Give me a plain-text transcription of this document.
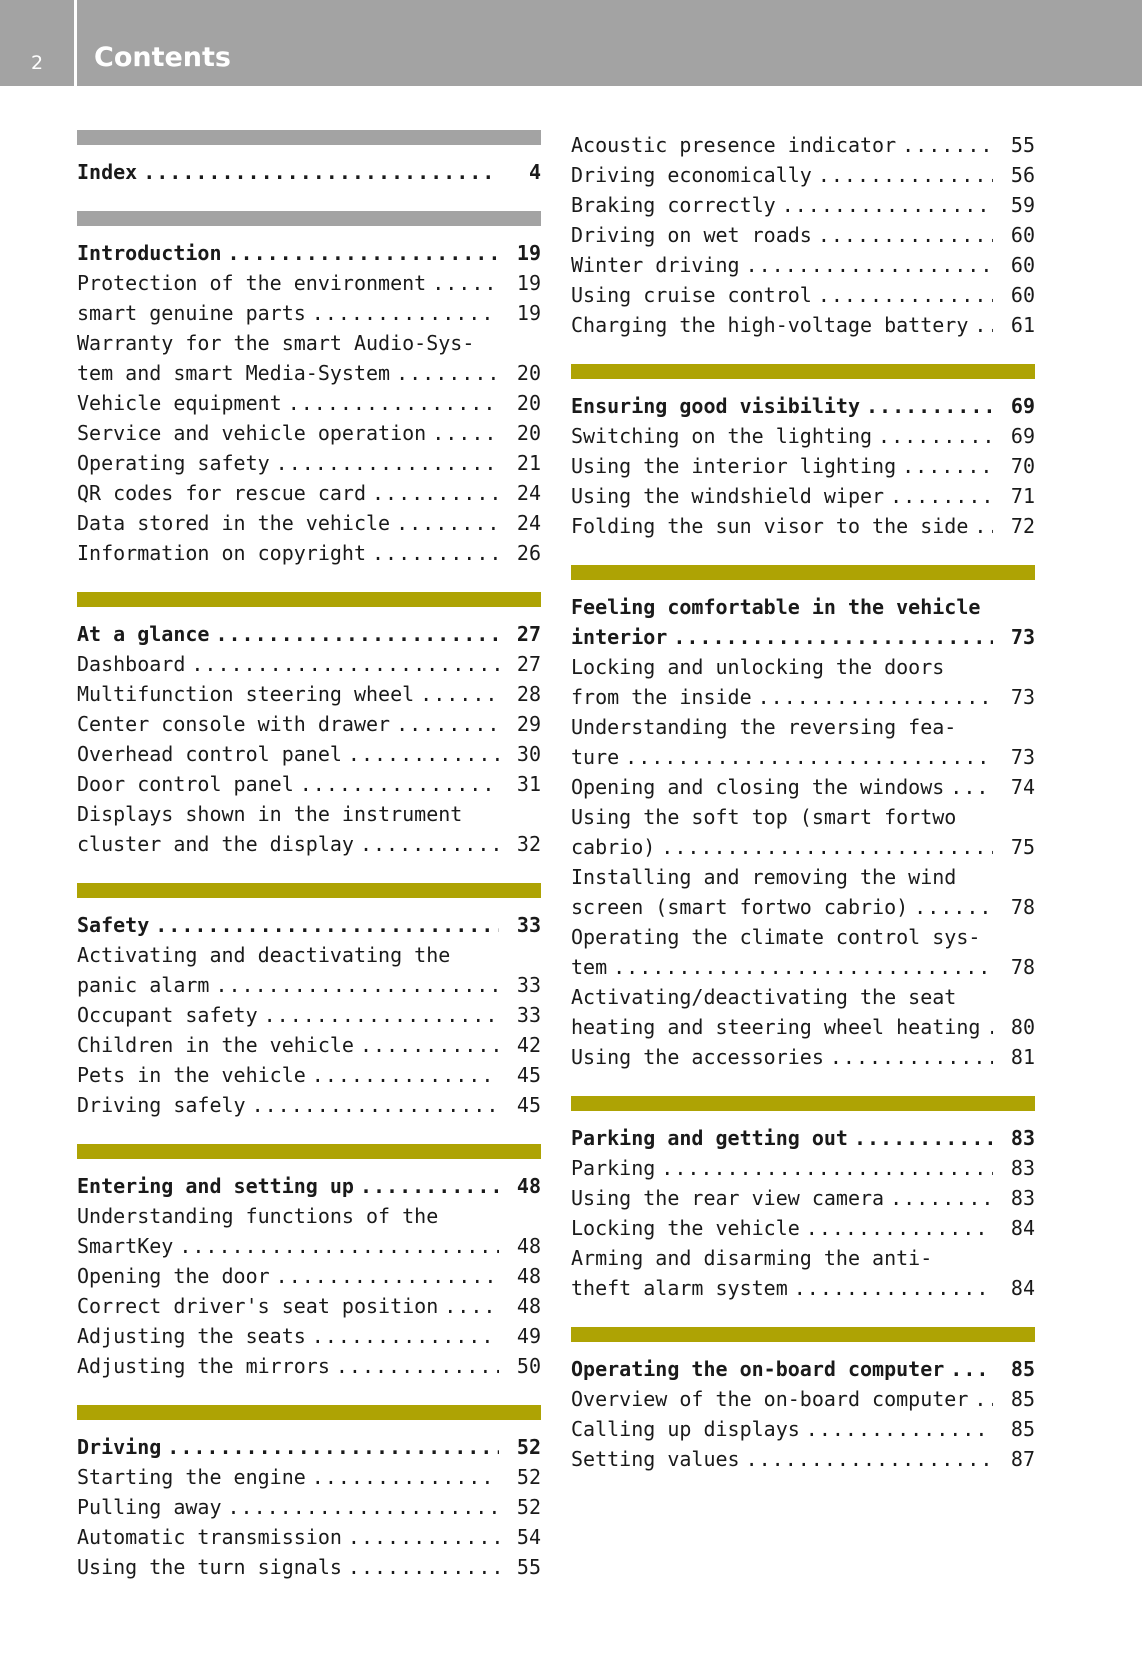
2	Contents
Index .....	4
Introduction .....	19
Protection of the environment .....	19
smart genuine parts .....	19
Warranty for the smart Audio-Sys-
tem and smart Media-System .....	20
Vehicle equipment .....	20
Service and vehicle operation .....	20
Operating safety .....	21
QR codes for rescue card .....	24
Data stored in the vehicle .....	24
Information on copyright .....	26
At a glance .....	27
Dashboard .....	27
Multifunction steering wheel .....	28
Center console with drawer .....	29
Overhead control panel .....	30
Door control panel .....	31
Displays shown in the instrument
cluster and the display .....	32
Safety .....	33
Activating and deactivating the
panic alarm .....	33
Occupant safety .....	33
Children in the vehicle .....	42
Pets in the vehicle .....	45
Driving safely .....	45
Entering and setting up .....	48
Understanding functions of the
SmartKey .....	48
Opening the door .....	48
Correct driver's seat position .....	48
Adjusting the seats .....	49
Adjusting the mirrors .....	50
Driving .....	52
Starting the engine .....	52
Pulling away .....	52
Automatic transmission .....	54
Using the turn signals .....	55
Acoustic presence indicator .....	55
Driving economically .....	56
Braking correctly .....	59
Driving on wet roads .....	60
Winter driving .....	60
Using cruise control .....	60
Charging the high-voltage battery .....	61
Ensuring good visibility .....	69
Switching on the lighting .....	69
Using the interior lighting .....	70
Using the windshield wiper .....	71
Folding the sun visor to the side .....	72
Feeling comfortable in the vehicle
interior .....	73
Locking and unlocking the doors
from the inside .....	73
Understanding the reversing fea-
ture .....	73
Opening and closing the windows .....	74
Using the soft top (smart fortwo
cabrio) .....	75
Installing and removing the wind
screen (smart fortwo cabrio) .....	78
Operating the climate control sys-
tem .....	78
Activating/deactivating the seat
heating and steering wheel heating .....	80
Using the accessories .....	81
Parking and getting out .....	83
Parking .....	83
Using the rear view camera .....	83
Locking the vehicle .....	84
Arming and disarming the anti-
theft alarm system .....	84
Operating the on-board computer .....	85
Overview of the on-board computer .....	85
Calling up displays .....	85
Setting values .....	87
